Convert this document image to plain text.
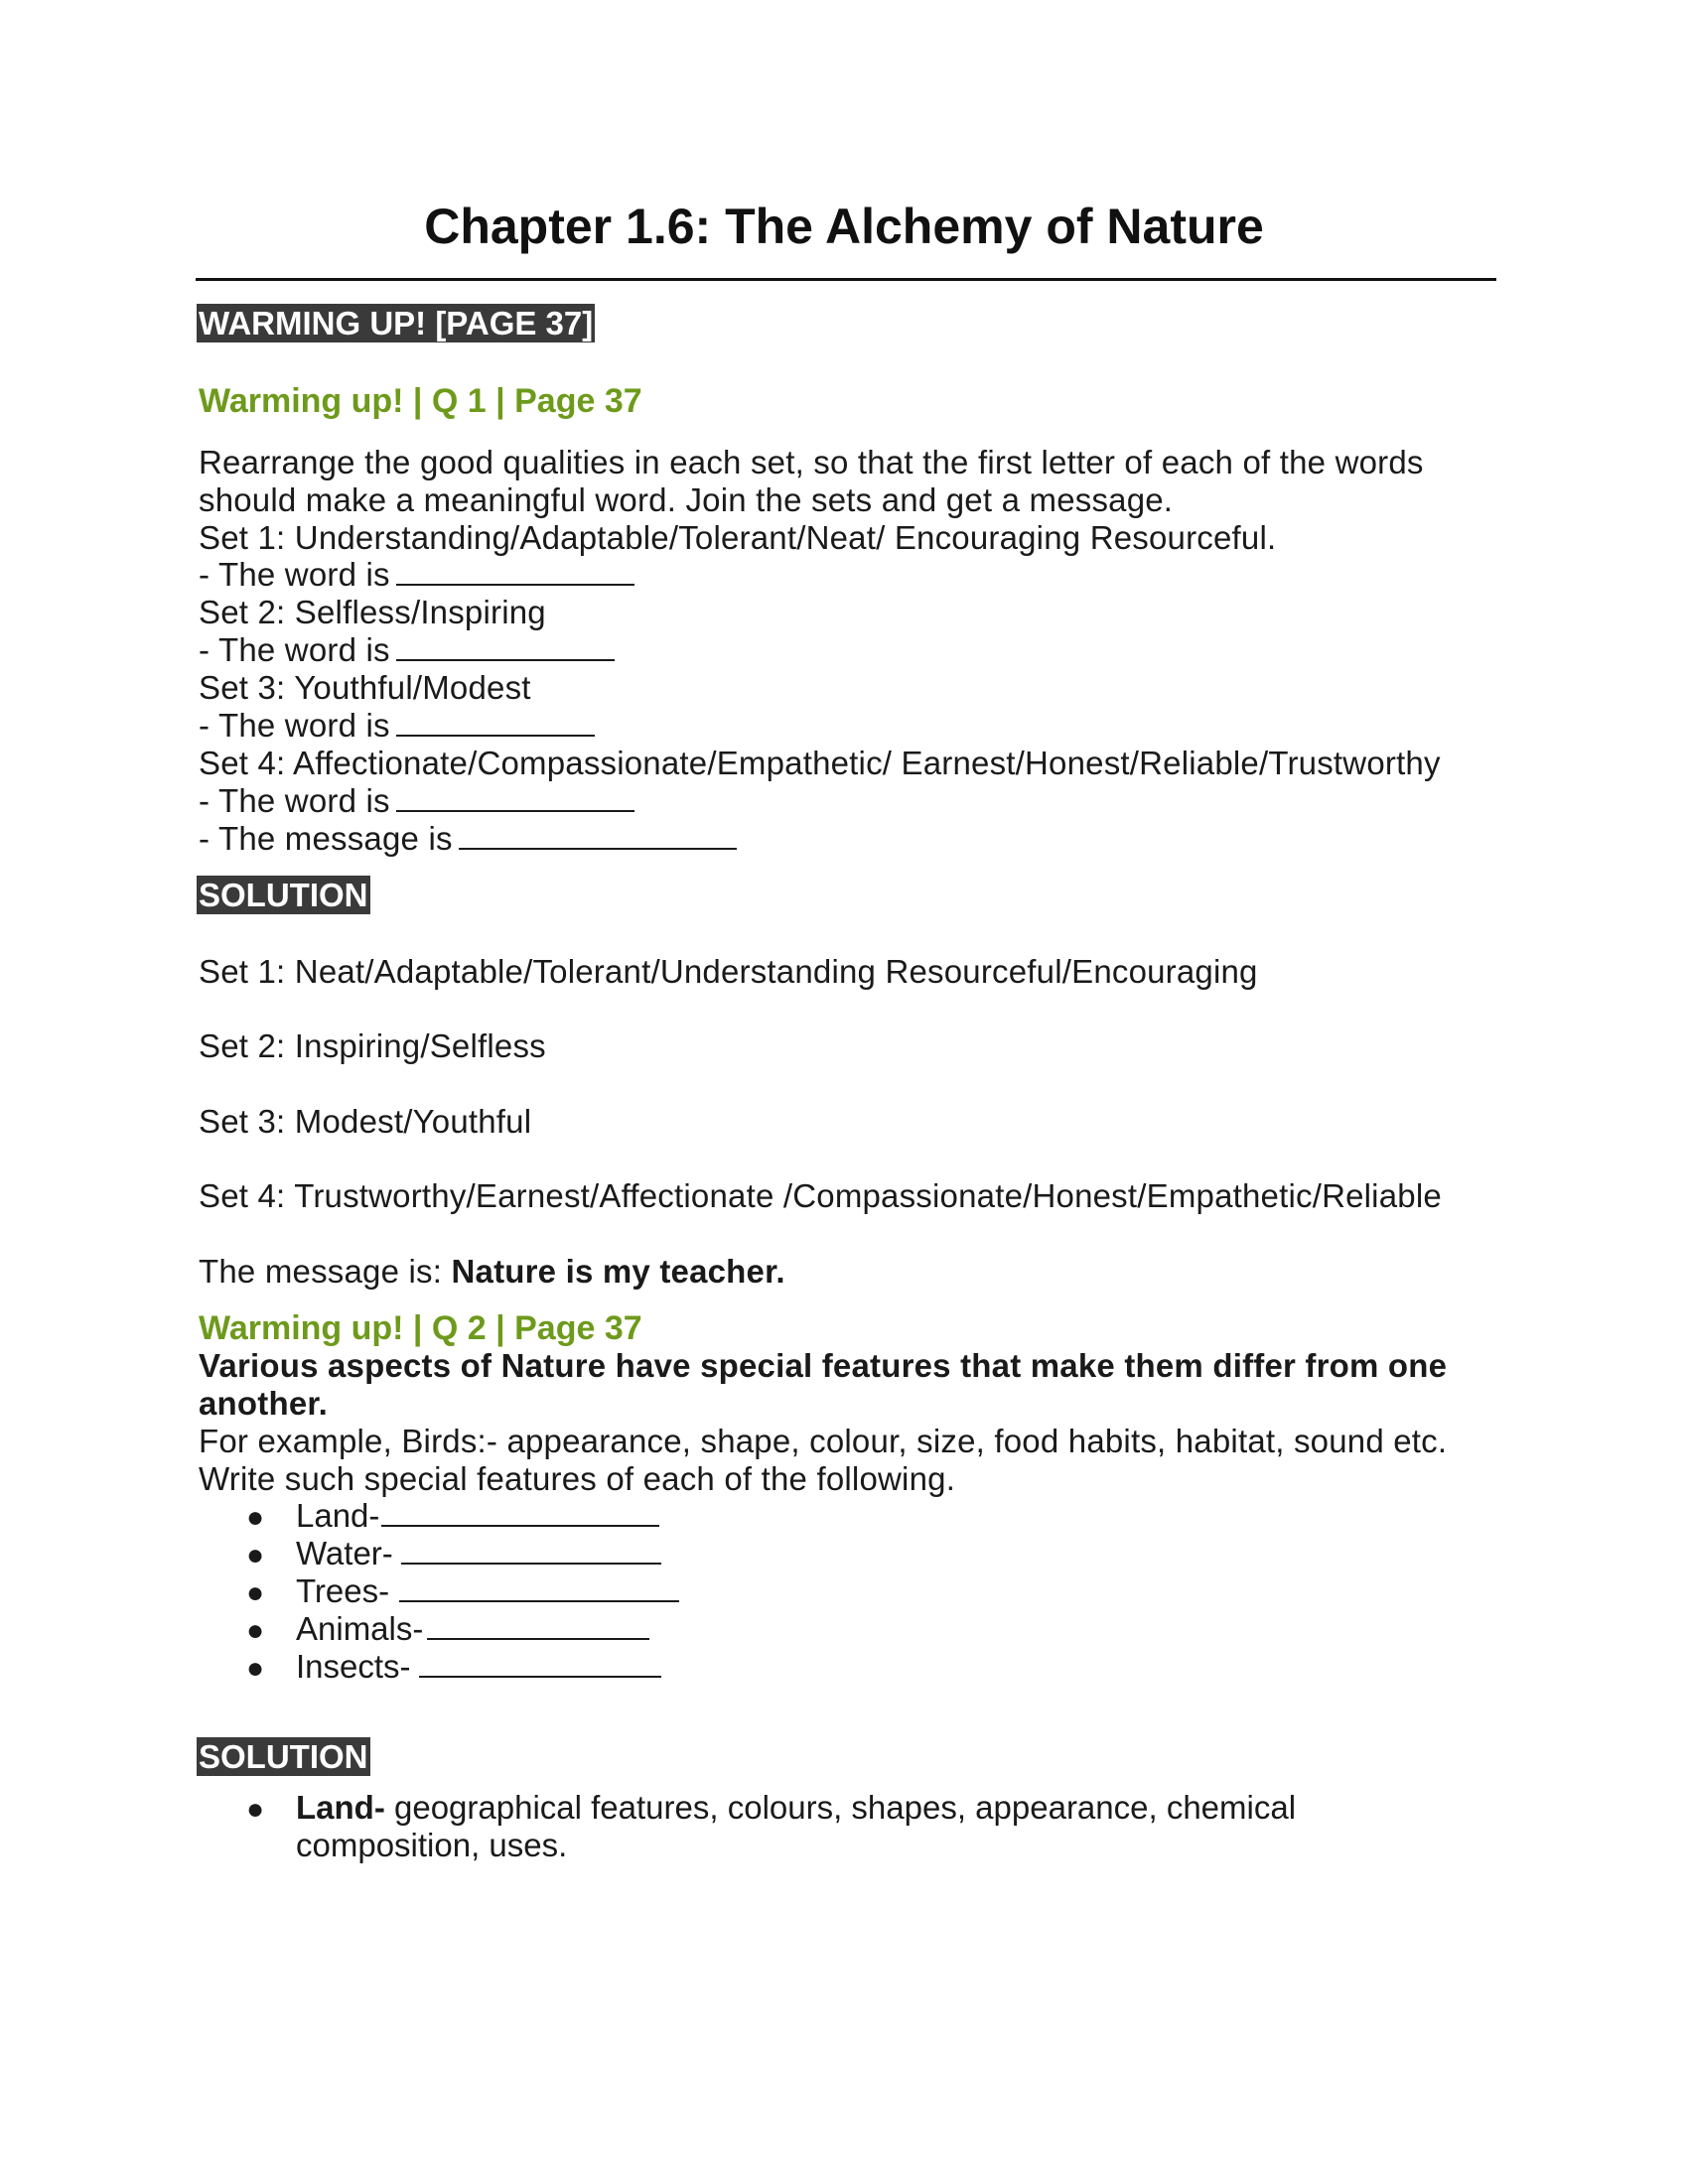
Chapter 1.6: The Alchemy of Nature
WARMING UP! [PAGE 37]
Warming up! | Q 1 | Page 37
Rearrange the good qualities in each set, so that the first letter of each of the words
should make a meaningful word. Join the sets and get a message.
Set 1: Understanding/Adaptable/Tolerant/Neat/ Encouraging Resourceful.
- The word is
Set 2: Selfless/Inspiring
- The word is
Set 3: Youthful/Modest
- The word is
Set 4: Affectionate/Compassionate/Empathetic/ Earnest/Honest/Reliable/Trustworthy
- The word is
- The message is
SOLUTION
Set 1: Neat/Adaptable/Tolerant/Understanding Resourceful/Encouraging
Set 2: Inspiring/Selfless
Set 3: Modest/Youthful
Set 4: Trustworthy/Earnest/Affectionate /Compassionate/Honest/Empathetic/Reliable
The message is: Nature is my teacher.
Warming up! | Q 2 | Page 37
Various aspects of Nature have special features that make them differ from one
another.
For example, Birds:- appearance, shape, colour, size, food habits, habitat, sound etc.
Write such special features of each of the following.
● Land-
● Water-
● Trees-
● Animals-
● Insects-
SOLUTION
● Land- geographical features, colours, shapes, appearance, chemical
composition, uses.
